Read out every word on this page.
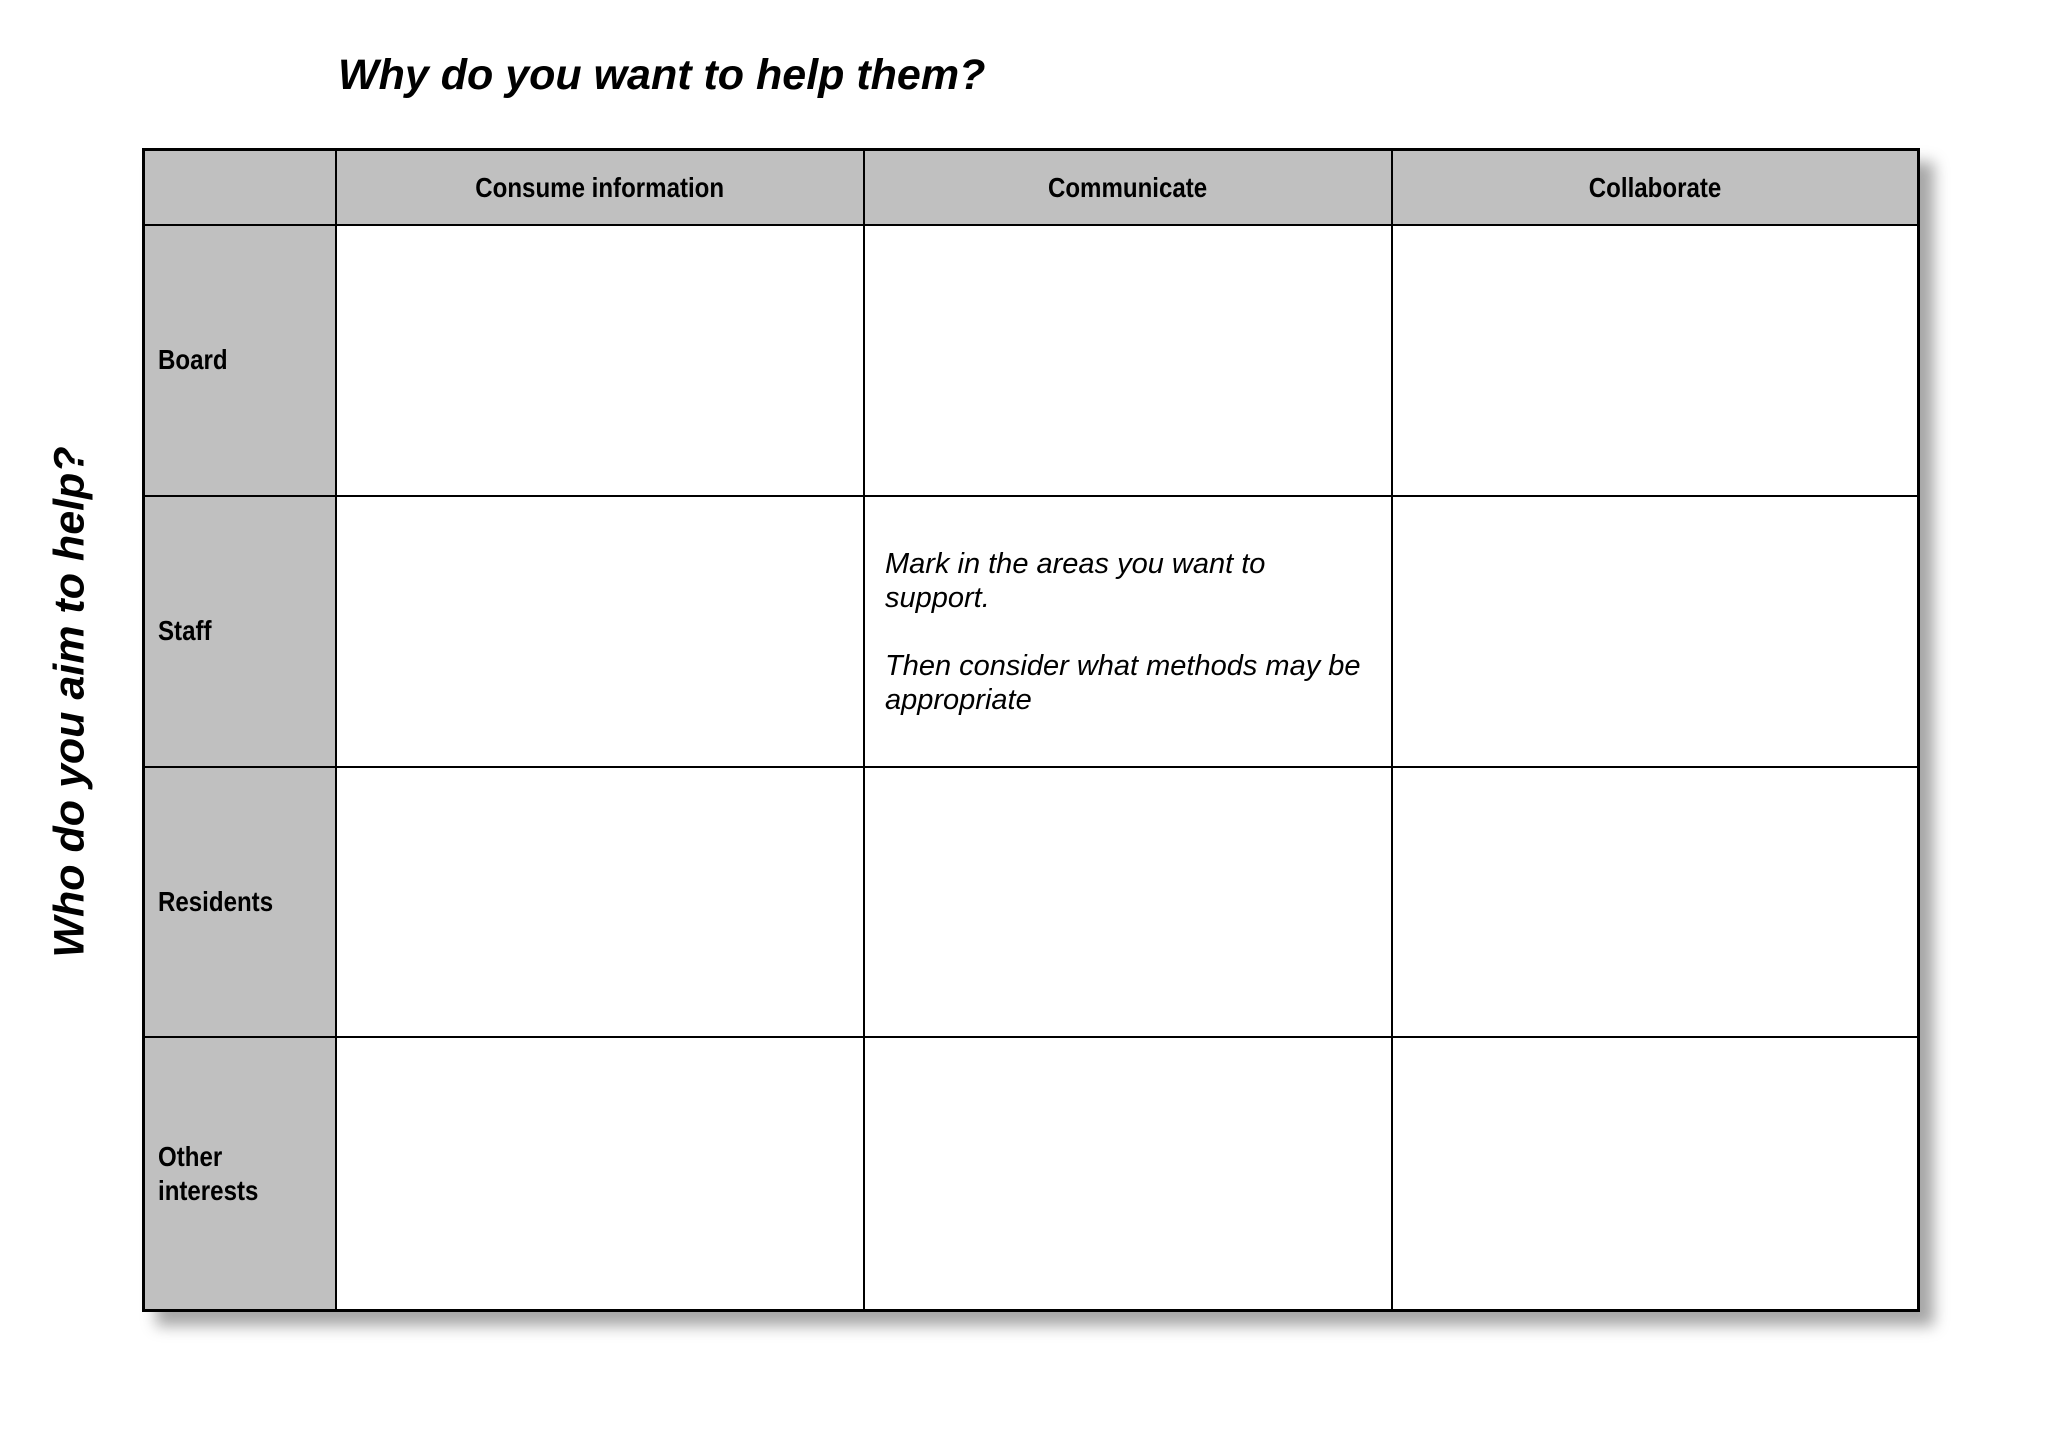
Why do you want to help them?
Who do you aim to help?
Consume information	Communicate	Collaborate
Board
Staff

Mark in the areas you want to support.

Then consider what methods may be appropriate

Residents
Other
interests
